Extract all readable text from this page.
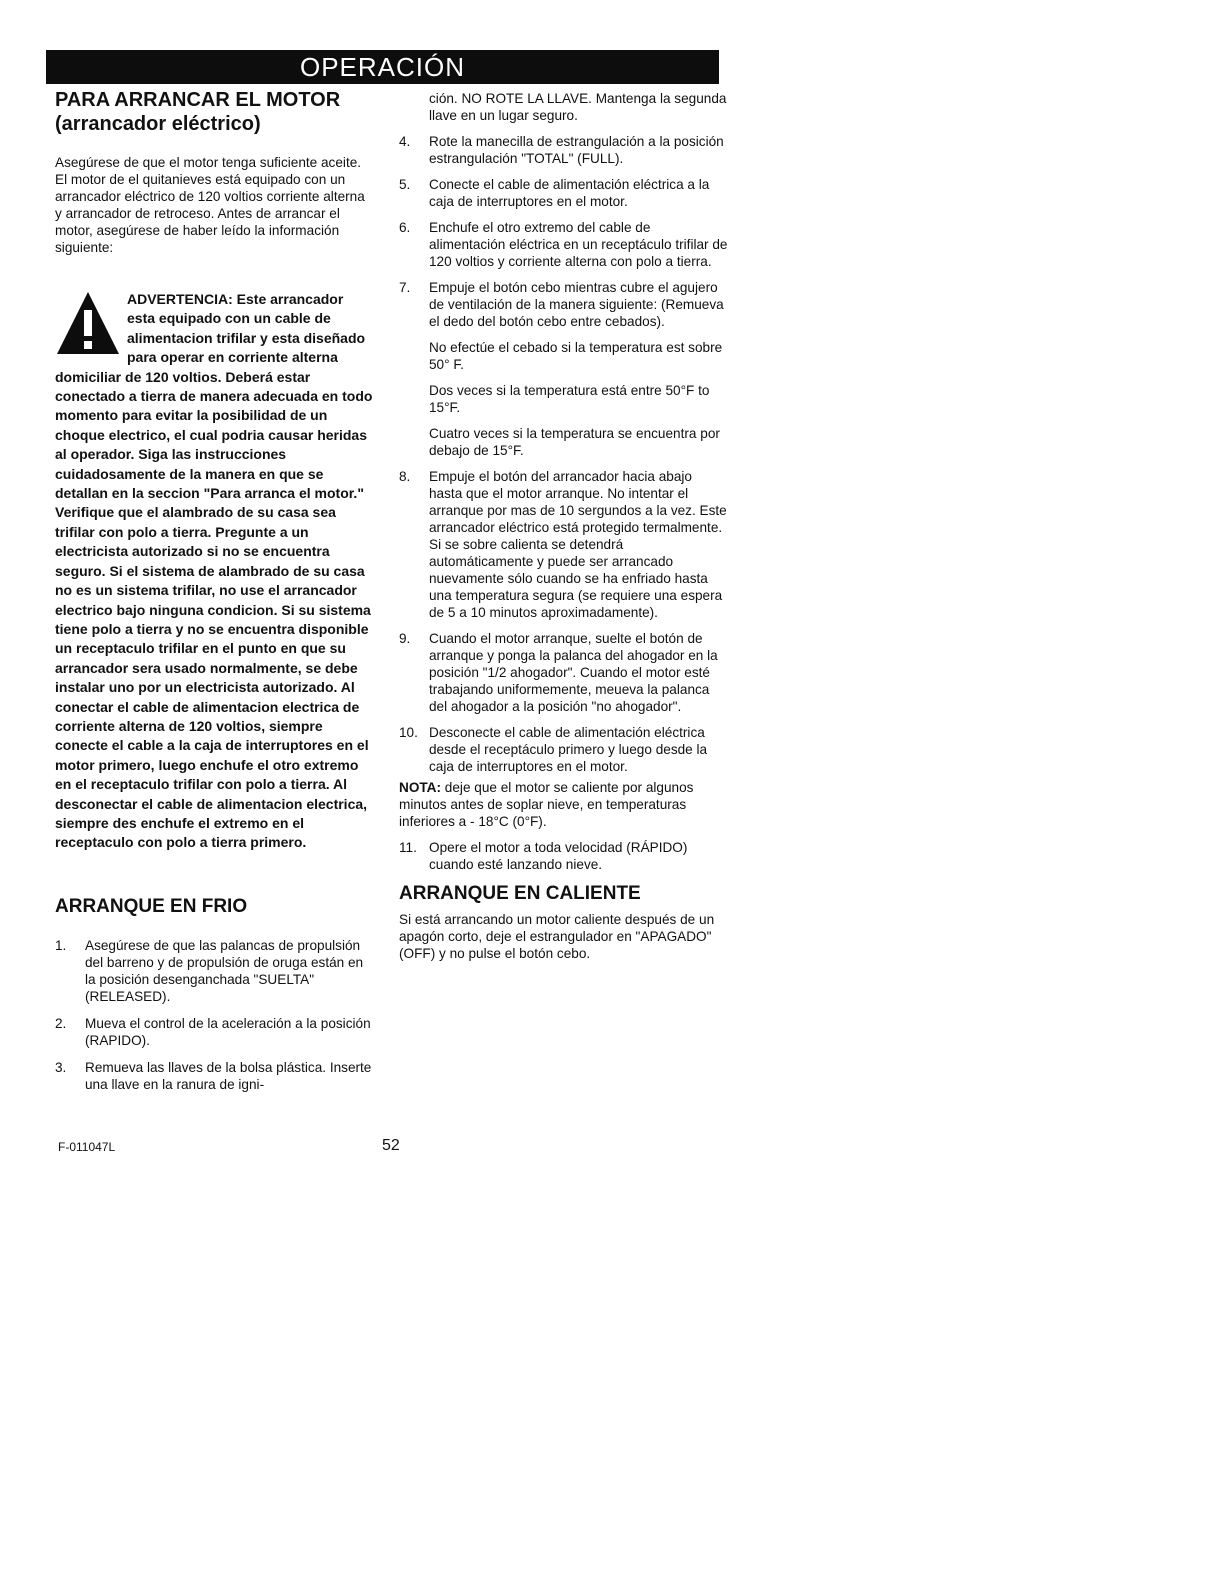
OPERACIÓN
PARA ARRANCAR EL MOTOR
(arrancador eléctrico)

Asegúrese de que el motor tenga suficiente aceite. El motor de el quitanieves está equipado con un arrancador eléctrico de 120 voltios corriente alterna y arrancador de retroceso. Antes de arrancar el motor, asegúrese de haber leído la información siguiente:

ADVERTENCIA: Este arrancador esta equipado con un cable de alimentacion trifilar y esta diseñado para operar en corriente alterna domiciliar de 120 voltios. Deberá estar conectado a tierra de manera adecuada en todo momento para evitar la posibilidad de un choque electrico, el cual podria causar heridas al operador. Siga las instrucciones cuidadosamente de la manera en que se detallan en la seccion "Para arranca el motor." Verifique que el alambrado de su casa sea trifilar con polo a tierra. Pregunte a un electricista autorizado si no se encuentra seguro. Si el sistema de alambrado de su casa no es un sistema trifilar, no use el arrancador electrico bajo ninguna condicion. Si su sistema tiene polo a tierra y no se encuentra disponible un receptaculo trifilar en el punto en que su arrancador sera usado normalmente, se debe instalar uno por un electricista autorizado. Al conectar el cable de alimentacion electrica de corriente alterna de 120 voltios, siempre conecte el cable a la caja de interruptores en el motor primero, luego enchufe el otro extremo en el receptaculo trifilar con polo a tierra. Al desconectar el cable de alimentacion electrica, siempre des enchufe el extremo en el receptaculo con polo a tierra primero.
ARRANQUE EN FRIO
1.	Asegúrese de que las palancas de propulsión del barreno y de propulsión de oruga están en la posición desenganchada "SUELTA" (RELEASED).
2.	Mueva el control de la aceleración a la posición (RAPIDO).
3.	Remueva las llaves de la bolsa plástica. Inserte una llave en la ranura de igni-
F-011047L	52

ción. NO ROTE LA LLAVE. Mantenga la segunda llave en un lugar seguro.

4.	Rote la manecilla de estrangulación a la posición estrangulación "TOTAL" (FULL).
5.	Conecte el cable de alimentación eléctrica a la caja de interruptores en el motor.
6.	Enchufe el otro extremo del cable de alimentación eléctrica en un receptáculo trifilar de 120 voltios y corriente alterna con polo a tierra.
7.	Empuje el botón cebo mientras cubre el agujero de ventilación de la manera siguiente: (Remueva el dedo del botón cebo entre cebados).

No efectúe el cebado si la temperatura est sobre 50° F.

Dos veces si la temperatura está entre 50°F to 15°F.

Cuatro veces si la temperatura se encuentra por debajo de 15°F.

8.	Empuje el botón del arrancador hacia abajo hasta que el motor arranque. No intentar el arranque por mas de 10 sergundos a la vez. Este arrancador eléctrico está protegido termalmente. Si se sobre calienta se detendrá automáticamente y puede ser arrancado nuevamente sólo cuando se ha enfriado hasta una temperatura segura (se requiere una espera de 5 a 10 minutos aproximadamente).
9.	Cuando el motor arranque, suelte el botón de arranque y ponga la palanca del ahogador en la posición "1/2 ahogador". Cuando el motor esté trabajando uniformemente, meueva la palanca del ahogador a la posición "no ahogador".
10. Desconecte el cable de alimentación eléctrica desde el receptáculo primero y luego desde la caja de interruptores en el motor.

NOTA: deje que el motor se caliente por algunos minutos antes de soplar nieve, en temperaturas inferiores a - 18°C (0°F).

11. Opere el motor a toda velocidad (RÁPIDO) cuando esté lanzando nieve.
ARRANQUE EN CALIENTE

Si está arrancando un motor caliente después de un apagón corto, deje el estrangulador en "APAGADO" (OFF) y no pulse el botón cebo.
